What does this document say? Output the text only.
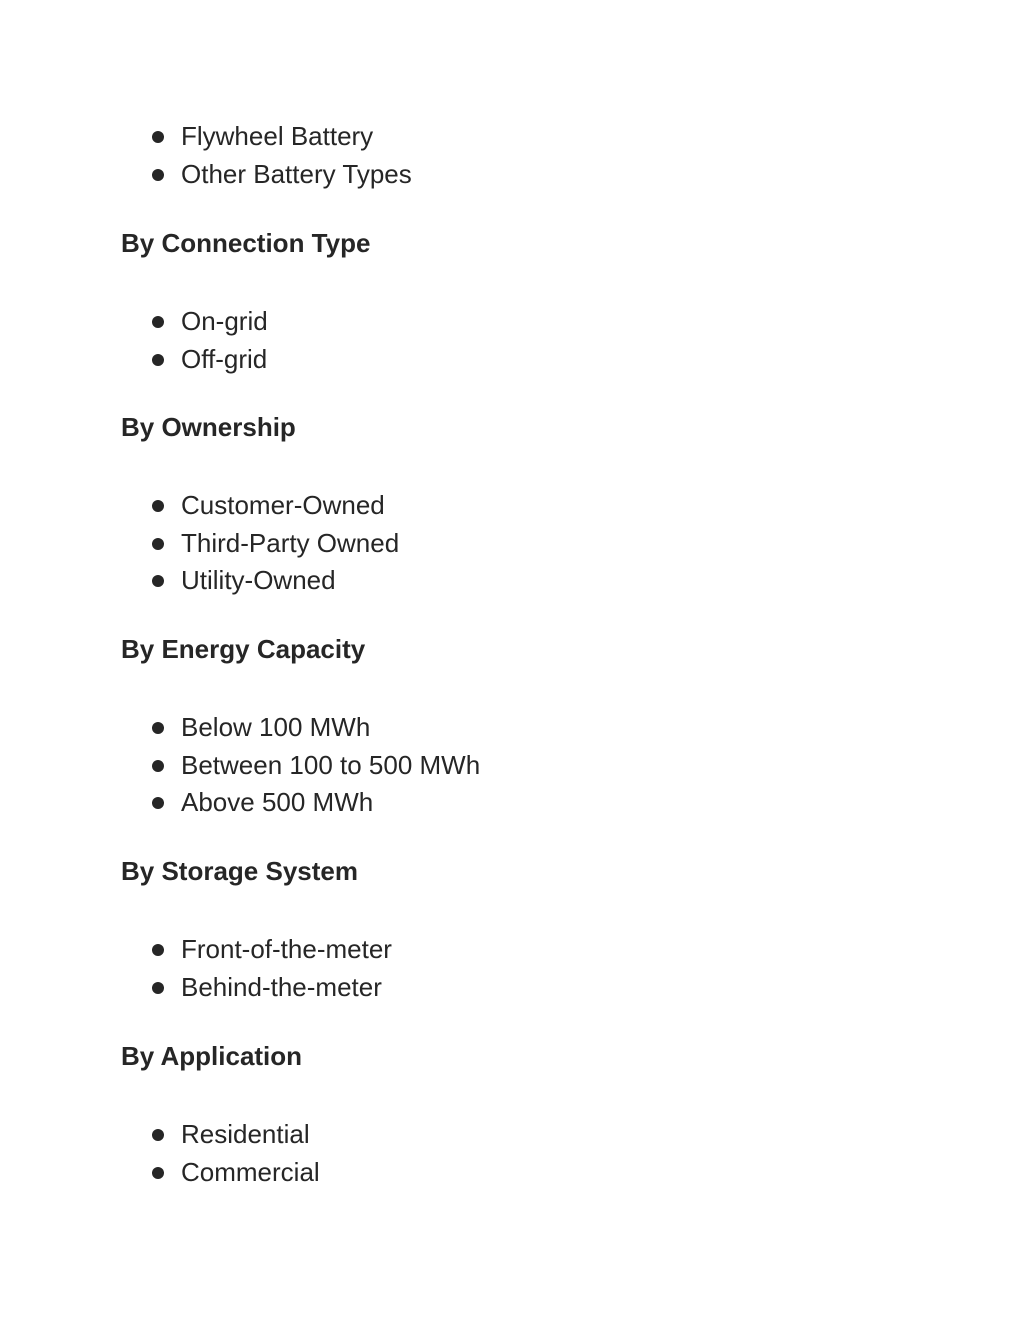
Flywheel Battery
Other Battery Types
By Connection Type
On-grid
Off-grid
By Ownership
Customer-Owned
Third-Party Owned
Utility-Owned
By Energy Capacity
Below 100 MWh
Between 100 to 500 MWh
Above 500 MWh
By Storage System
Front-of-the-meter
Behind-the-meter
By Application
Residential
Commercial
